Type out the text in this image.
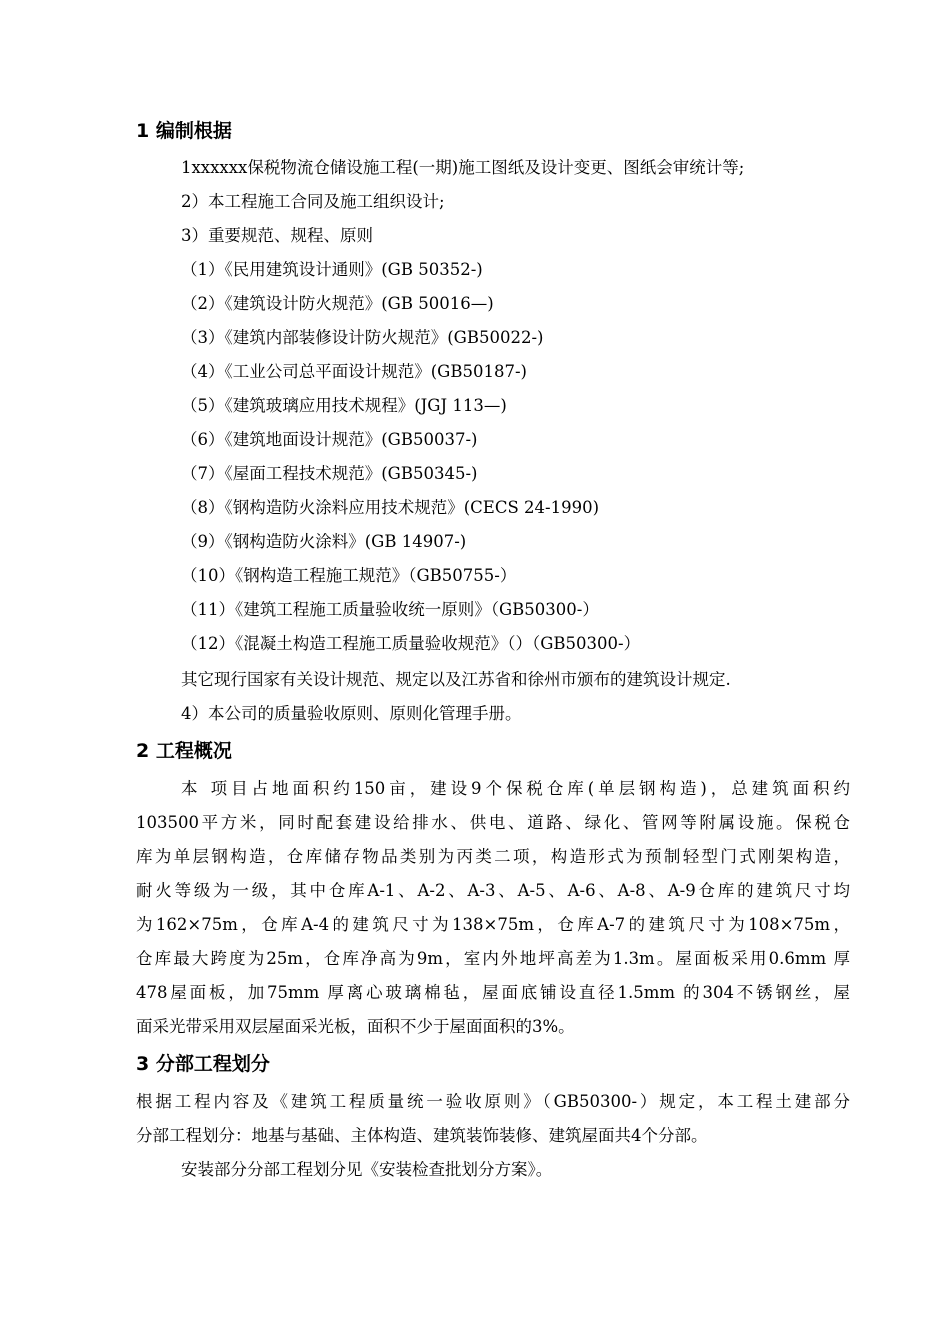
1 编制根据
1xxxxxx保税物流仓储设施工程(一期)施工图纸及设计变更、图纸会审统计等;
2）本工程施工合同及施工组织设计;
3）重要规范、规程、原则
（1）《民用建筑设计通则》(GB 50352-)
（2）《建筑设计防火规范》(GB 50016—)
（3）《建筑内部装修设计防火规范》(GB50022-)
（4）《工业公司总平面设计规范》(GB50187-)
（5）《建筑玻璃应用技术规程》(JGJ 113—)
（6）《建筑地面设计规范》(GB50037-)
（7）《屋面工程技术规范》(GB50345-)
（8）《钢构造防火涂料应用技术规范》(CECS 24-1990)
（9）《钢构造防火涂料》(GB 14907-)
（10）《钢构造工程施工规范》（GB50755-）
（11）《建筑工程施工质量验收统一原则》（GB50300-）
（12）《混凝土构造工程施工质量验收规范》（）（GB50300-）
其它现行国家有关设计规范、规定以及江苏省和徐州市颁布的建筑设计规定.
4）本公司的质量验收原则、原则化管理手册。
2 工程概况
本 项目占地面积约150亩，建设9个保税仓库(单层钢构造)，总建筑面积约
103500平方米，同时配套建设给排水、供电、道路、绿化、管网等附属设施。保税仓
库为单层钢构造，仓库储存物品类别为丙类二项，构造形式为预制轻型门式刚架构造，
耐火等级为一级，其中仓库A-1、A-2、A-3、A-5、A-6、A-8、A-9仓库的建筑尺寸均
为162×75m，仓库A-4的建筑尺寸为138×75m，仓库A-7的建筑尺寸为108×75m，
仓库最大跨度为25m，仓库净高为9m，室内外地坪高差为1.3m。屋面板采用0.6mm 厚
478屋面板，加75mm 厚离心玻璃棉毡，屋面底铺设直径1.5mm 的304不锈钢丝，屋
面采光带采用双层屋面采光板，面积不少于屋面面积的3%。
3 分部工程划分
根据工程内容及《建筑工程质量统一验收原则》（GB50300-）规定，本工程土建部分
分部工程划分：地基与基础、主体构造、建筑装饰装修、建筑屋面共4个分部。
安装部分分部工程划分见《安装检查批划分方案》。
